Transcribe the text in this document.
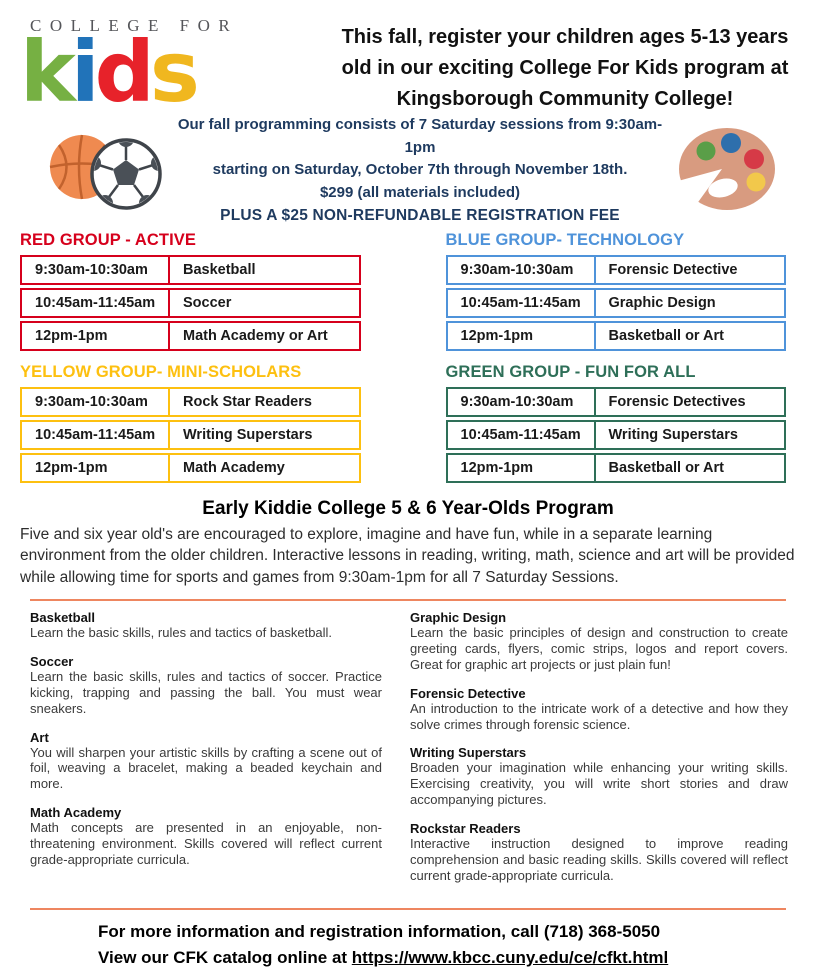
COLLEGE FOR
kids	This fall, register your children ages 5-13 years old in our exciting College For Kids program at Kingsborough Community College!
Our fall programming consists of 7 Saturday sessions from 9:30am-1pm
starting on Saturday, October 7th through November 18th.
$299 (all materials included)
PLUS A $25 NON-REFUNDABLE REGISTRATION FEE
RED GROUP - ACTIVE
9:30am-10:30am	Basketball
10:45am-11:45am	Soccer
12pm-1pm	Math Academy or Art
BLUE GROUP- TECHNOLOGY
9:30am-10:30am	Forensic Detective
10:45am-11:45am	Graphic Design
12pm-1pm	Basketball or Art
YELLOW GROUP- MINI-SCHOLARS
9:30am-10:30am	Rock Star Readers
10:45am-11:45am	Writing Superstars
12pm-1pm	Math Academy
GREEN GROUP - FUN FOR ALL
9:30am-10:30am	Forensic Detectives
10:45am-11:45am	Writing Superstars
12pm-1pm	Basketball or Art
Early Kiddie College 5 & 6 Year-Olds Program
Five and six year old's are encouraged to explore, imagine and have fun, while in a separate learning environment from the older children. Interactive lessons in reading, writing, math, science and art will be provided while allowing time for sports and games from 9:30am-1pm for all 7 Saturday Sessions.
Basketball
Learn the basic skills, rules and tactics of basketball.
Soccer
Learn the basic skills, rules and tactics of soccer. Practice kicking, trapping and passing the ball. You must wear sneakers.
Art
You will sharpen your artistic skills by crafting a scene out of foil, weaving a bracelet, making a beaded keychain and more.
Math Academy
Math concepts are presented in an enjoyable, non-threatening environment. Skills covered will reflect current grade-appropriate curricula.
Graphic Design
Learn the basic principles of design and construction to create greeting cards, flyers, comic strips, logos and report covers. Great for graphic art projects or just plain fun!
Forensic Detective
An introduction to the intricate work of a detective and how they solve crimes through forensic science.
Writing Superstars
Broaden your imagination while enhancing your writing skills. Exercising creativity, you will write short stories and draw accompanying pictures.
Rockstar Readers
Interactive instruction designed to improve reading comprehension and basic reading skills. Skills covered will reflect current grade-appropriate curricula.
For more information and registration information, call (718) 368-5050
View our CFK catalog online at https://www.kbcc.cuny.edu/ce/cfkt.html
